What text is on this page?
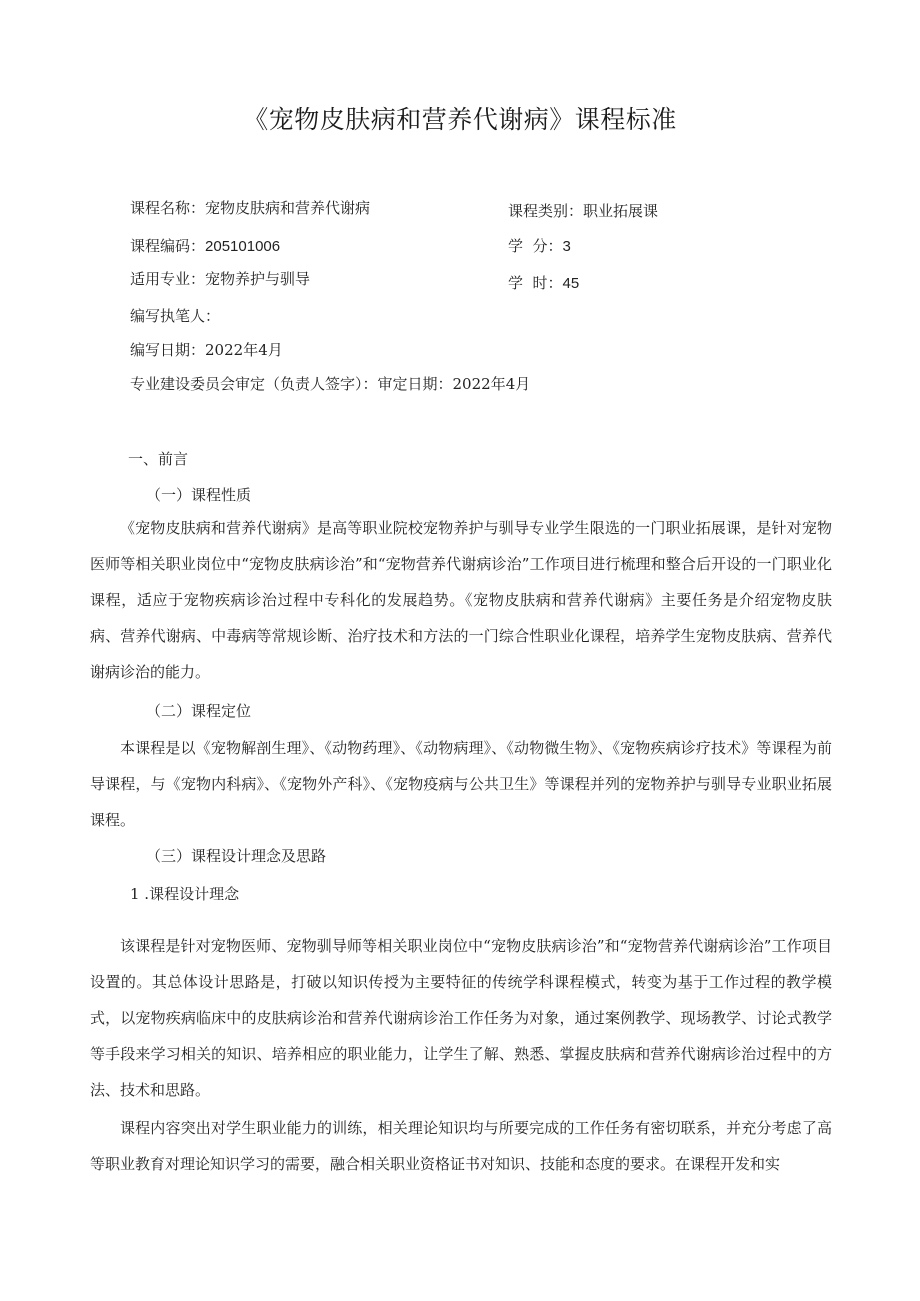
《宠物皮肤病和营养代谢病》课程标准
课程名称：宠物皮肤病和营养代谢病	课程类别：职业拓展课
课程编码：205101006	学  分：3
适用专业：宠物养护与驯导	学  时：45
编写执笔人：
编写日期：2022年4月
专业建设委员会审定（负责人签字）：审定日期：2022年4月
一、前言
（一）课程性质

《宠物皮肤病和营养代谢病》是高等职业院校宠物养护与驯导专业学生限选的一门职业拓展课，是针对宠物医师等相关职业岗位中“宠物皮肤病诊治”和“宠物营养代谢病诊治”工作项目进行梳理和整合后开设的一门职业化课程，适应于宠物疾病诊治过程中专科化的发展趋势。《宠物皮肤病和营养代谢病》主要任务是介绍宠物皮肤病、营养代谢病、中毒病等常规诊断、治疗技术和方法的一门综合性职业化课程，培养学生宠物皮肤病、营养代谢病诊治的能力。

（二）课程定位

本课程是以《宠物解剖生理》、《动物药理》、《动物病理》、《动物微生物》、《宠物疾病诊疗技术》等课程为前导课程，与《宠物内科病》、《宠物外产科》、《宠物疫病与公共卫生》等课程并列的宠物养护与驯导专业职业拓展课程。

（三）课程设计理念及思路
1 .课程设计理念

该课程是针对宠物医师、宠物驯导师等相关职业岗位中“宠物皮肤病诊治”和“宠物营养代谢病诊治”工作项目设置的。其总体设计思路是，打破以知识传授为主要特征的传统学科课程模式，转变为基于工作过程的教学模式，以宠物疾病临床中的皮肤病诊治和营养代谢病诊治工作任务为对象，通过案例教学、现场教学、讨论式教学等手段来学习相关的知识、培养相应的职业能力，让学生了解、熟悉、掌握皮肤病和营养代谢病诊治过程中的方法、技术和思路。

课程内容突出对学生职业能力的训练，相关理论知识均与所要完成的工作任务有密切联系，并充分考虑了高等职业教育对理论知识学习的需要，融合相关职业资格证书对知识、技能和态度的要求。在课程开发和实
